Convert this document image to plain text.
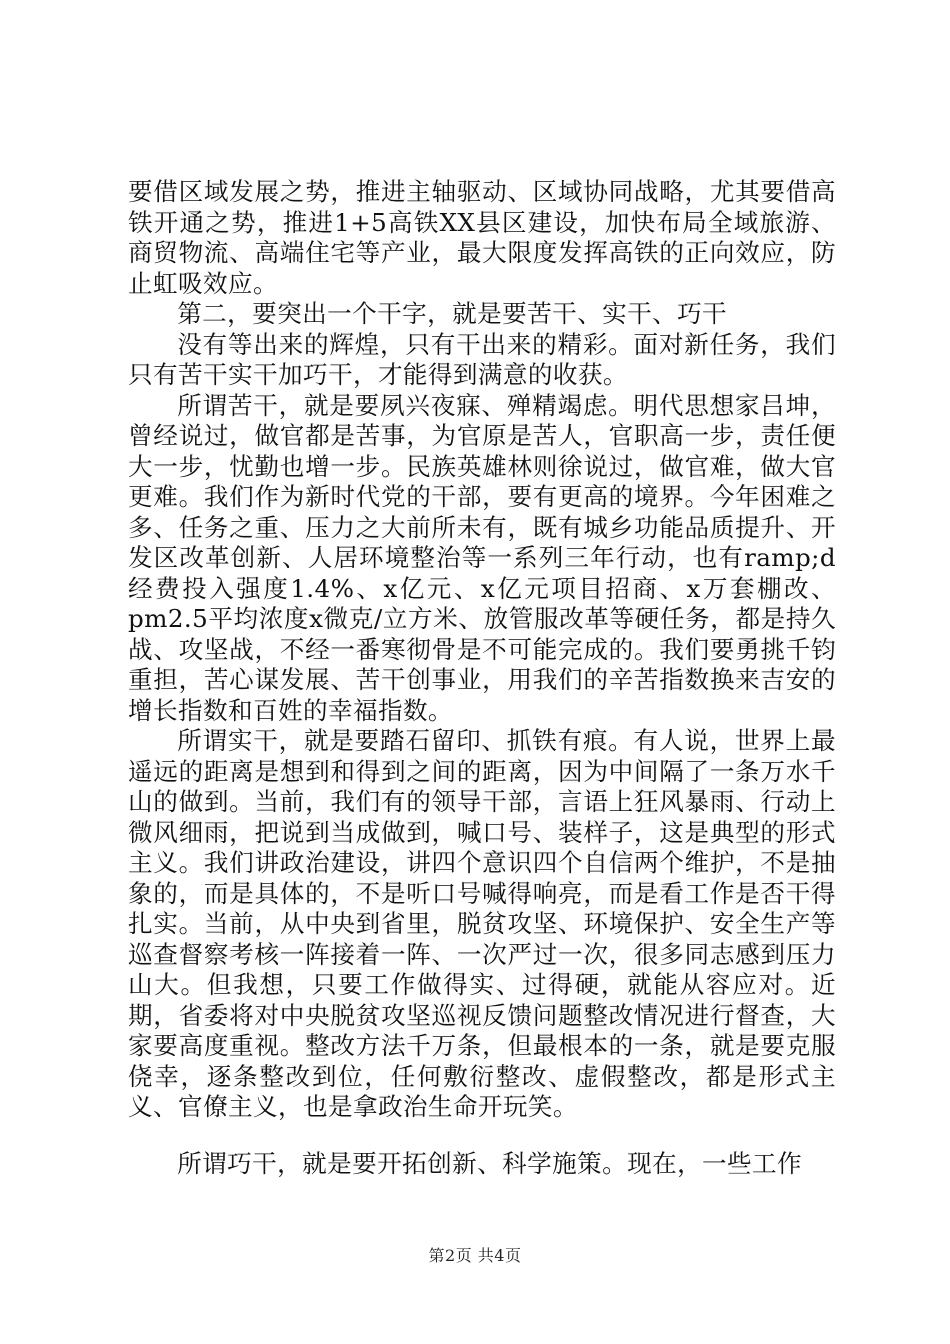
要借区域发展之势，推进主轴驱动、区域协同战略，尤其要借高铁开通之势，推进1+5高铁XX县区建设，加快布局全域旅游、商贸物流、高端住宅等产业，最大限度发挥高铁的正向效应，防止虹吸效应。

第二，要突出一个干字，就是要苦干、实干、巧干

没有等出来的辉煌，只有干出来的精彩。面对新任务，我们只有苦干实干加巧干，才能得到满意的收获。

所谓苦干，就是要夙兴夜寐、殚精竭虑。明代思想家吕坤，曾经说过，做官都是苦事，为官原是苦人，官职高一步，责任便大一步，忧勤也增一步。民族英雄林则徐说过，做官难，做大官更难。我们作为新时代党的干部，要有更高的境界。今年困难之多、任务之重、压力之大前所未有，既有城乡功能品质提升、开发区改革创新、人居环境整治等一系列三年行动，也有ramp;d经费投入强度1.4%、x亿元、x亿元项目招商、x万套棚改、pm2.5平均浓度x微克/立方米、放管服改革等硬任务，都是持久战、攻坚战，不经一番寒彻骨是不可能完成的。我们要勇挑千钧重担，苦心谋发展、苦干创事业，用我们的辛苦指数换来吉安的增长指数和百姓的幸福指数。

所谓实干，就是要踏石留印、抓铁有痕。有人说，世界上最遥远的距离是想到和得到之间的距离，因为中间隔了一条万水千山的做到。当前，我们有的领导干部，言语上狂风暴雨、行动上微风细雨，把说到当成做到，喊口号、装样子，这是典型的形式主义。我们讲政治建设，讲四个意识四个自信两个维护，不是抽象的，而是具体的，不是听口号喊得响亮，而是看工作是否干得扎实。当前，从中央到省里，脱贫攻坚、环境保护、安全生产等巡查督察考核一阵接着一阵、一次严过一次，很多同志感到压力山大。但我想，只要工作做得实、过得硬，就能从容应对。近期，省委将对中央脱贫攻坚巡视反馈问题整改情况进行督查，大家要高度重视。整改方法千万条，但最根本的一条，就是要克服侥幸，逐条整改到位，任何敷衍整改、虚假整改，都是形式主义、官僚主义，也是拿政治生命开玩笑。

所谓巧干，就是要开拓创新、科学施策。现在，一些工作

第2页 共4页
